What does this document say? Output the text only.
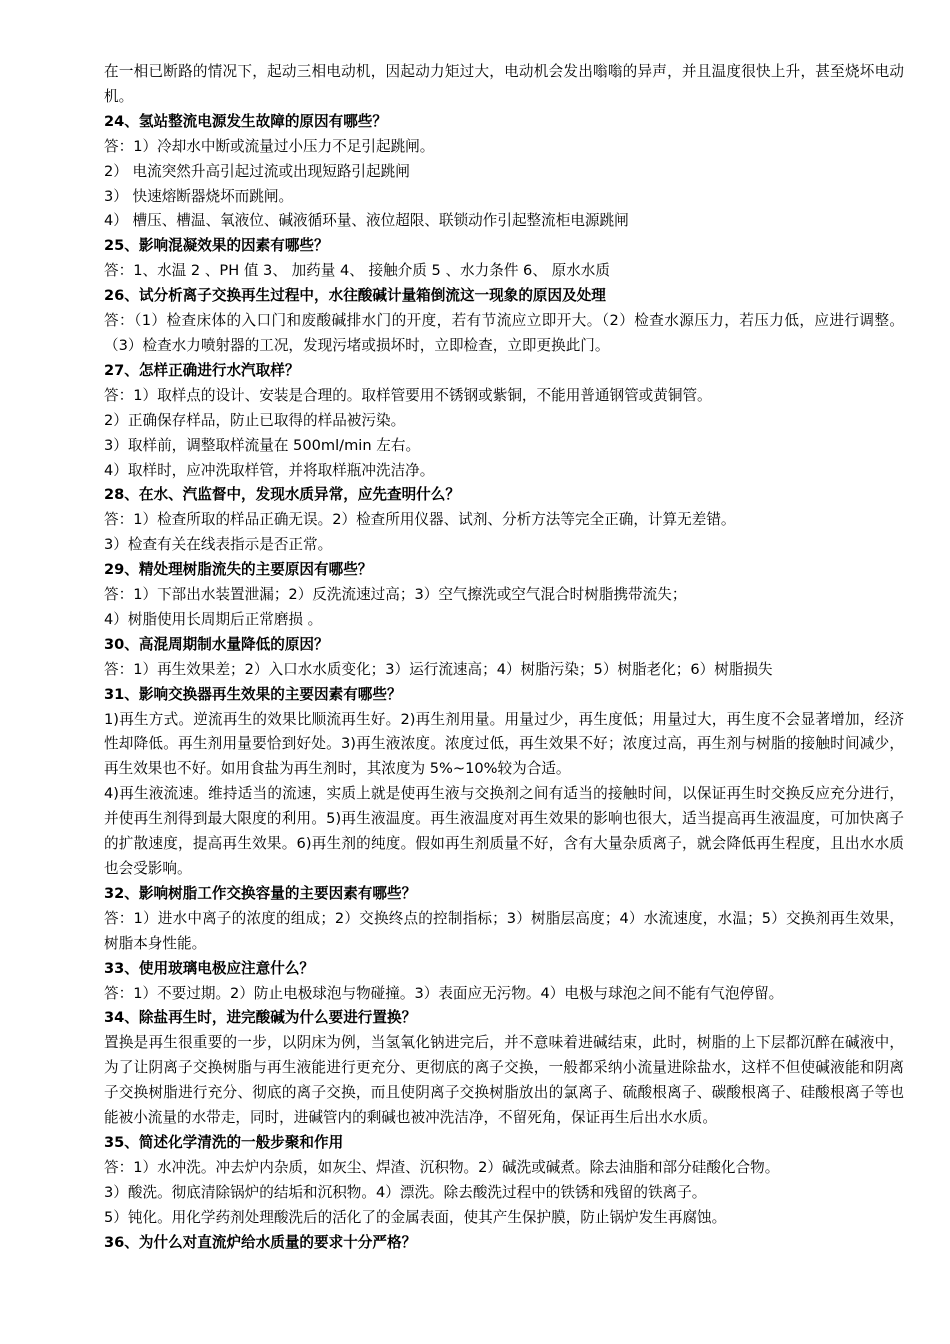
在一相已断路的情况下，起动三相电动机，因起动力矩过大，电动机会发出嗡嗡的异声，并且温度很快上升，甚至烧坏电动机。

24、氢站整流电源发生故障的原因有哪些？

答：1）冷却水中断或流量过小压力不足引起跳闸。

2） 电流突然升高引起过流或出现短路引起跳闸

3） 快速熔断器烧坏而跳闸。

4） 槽压、槽温、氧液位、碱液循环量、液位超限、联锁动作引起整流柜电源跳闸

25、影响混凝效果的因素有哪些？

答：1、水温 2 、PH 值 3、 加药量 4、 接触介质 5 、水力条件 6、 原水水质

26、试分析离子交换再生过程中，水往酸碱计量箱倒流这一现象的原因及处理

答：（1）检查床体的入口门和废酸碱排水门的开度，若有节流应立即开大。（2）检查水源压力，若压力低，应进行调整。（3）检查水力喷射器的工况，发现污堵或损坏时，立即检查，立即更换此门。

27、怎样正确进行水汽取样？

答：1）取样点的设计、安装是合理的。取样管要用不锈钢或紫铜，不能用普通钢管或黄铜管。

2）正确保存样品，防止已取得的样品被污染。

3）取样前，调整取样流量在 500ml/min 左右。

4）取样时，应冲洗取样管，并将取样瓶冲洗洁净。

28、在水、汽监督中，发现水质异常，应先查明什么？

答：1）检查所取的样品正确无误。2）检查所用仪器、试剂、分析方法等完全正确，计算无差错。

3）检查有关在线表指示是否正常。

29、精处理树脂流失的主要原因有哪些？

答：1）下部出水装置泄漏；2）反洗流速过高；3）空气擦洗或空气混合时树脂携带流失；

4）树脂使用长周期后正常磨损 。

30、高混周期制水量降低的原因？

答：1）再生效果差；2）入口水水质变化；3）运行流速高；4）树脂污染；5）树脂老化；6）树脂损失

31、影响交换器再生效果的主要因素有哪些？

1)再生方式。逆流再生的效果比顺流再生好。2)再生剂用量。用量过少，再生度低；用量过大，再生度不会显著增加，经济性却降低。再生剂用量要恰到好处。3)再生液浓度。浓度过低，再生效果不好；浓度过高，再生剂与树脂的接触时间减少，再生效果也不好。如用食盐为再生剂时，其浓度为 5%~10%较为合适。

4)再生液流速。维持适当的流速，实质上就是使再生液与交换剂之间有适当的接触时间，以保证再生时交换反应充分进行，并使再生剂得到最大限度的利用。5)再生液温度。再生液温度对再生效果的影响也很大，适当提高再生液温度，可加快离子的扩散速度，提高再生效果。6)再生剂的纯度。假如再生剂质量不好，含有大量杂质离子，就会降低再生程度，且出水水质也会受影响。

32、影响树脂工作交换容量的主要因素有哪些？

答：1）进水中离子的浓度的组成；2）交换终点的控制指标；3）树脂层高度；4）水流速度，水温；5）交换剂再生效果，树脂本身性能。

33、使用玻璃电极应注意什么？

答：1）不要过期。2）防止电极球泡与物碰撞。3）表面应无污物。4）电极与球泡之间不能有气泡停留。

34、除盐再生时，进完酸碱为什么要进行置换？

置换是再生很重要的一步，以阴床为例，当氢氧化钠进完后，并不意味着进碱结束，此时，树脂的上下层都沉醉在碱液中，为了让阴离子交换树脂与再生液能进行更充分、更彻底的离子交换，一般都采纳小流量进除盐水，这样不但使碱液能和阴离子交换树脂进行充分、彻底的离子交换，而且使阴离子交换树脂放出的氯离子、硫酸根离子、碳酸根离子、硅酸根离子等也能被小流量的水带走，同时，进碱管内的剩碱也被冲洗洁净，不留死角，保证再生后出水水质。

35、简述化学清洗的一般步聚和作用

答：1）水冲洗。冲去炉内杂质，如灰尘、焊渣、沉积物。2）碱洗或碱煮。除去油脂和部分硅酸化合物。

3）酸洗。彻底清除锅炉的结垢和沉积物。4）漂洗。除去酸洗过程中的铁锈和残留的铁离子。

5）钝化。用化学药剂处理酸洗后的活化了的金属表面，使其产生保护膜，防止锅炉发生再腐蚀。

36、为什么对直流炉给水质量的要求十分严格？
